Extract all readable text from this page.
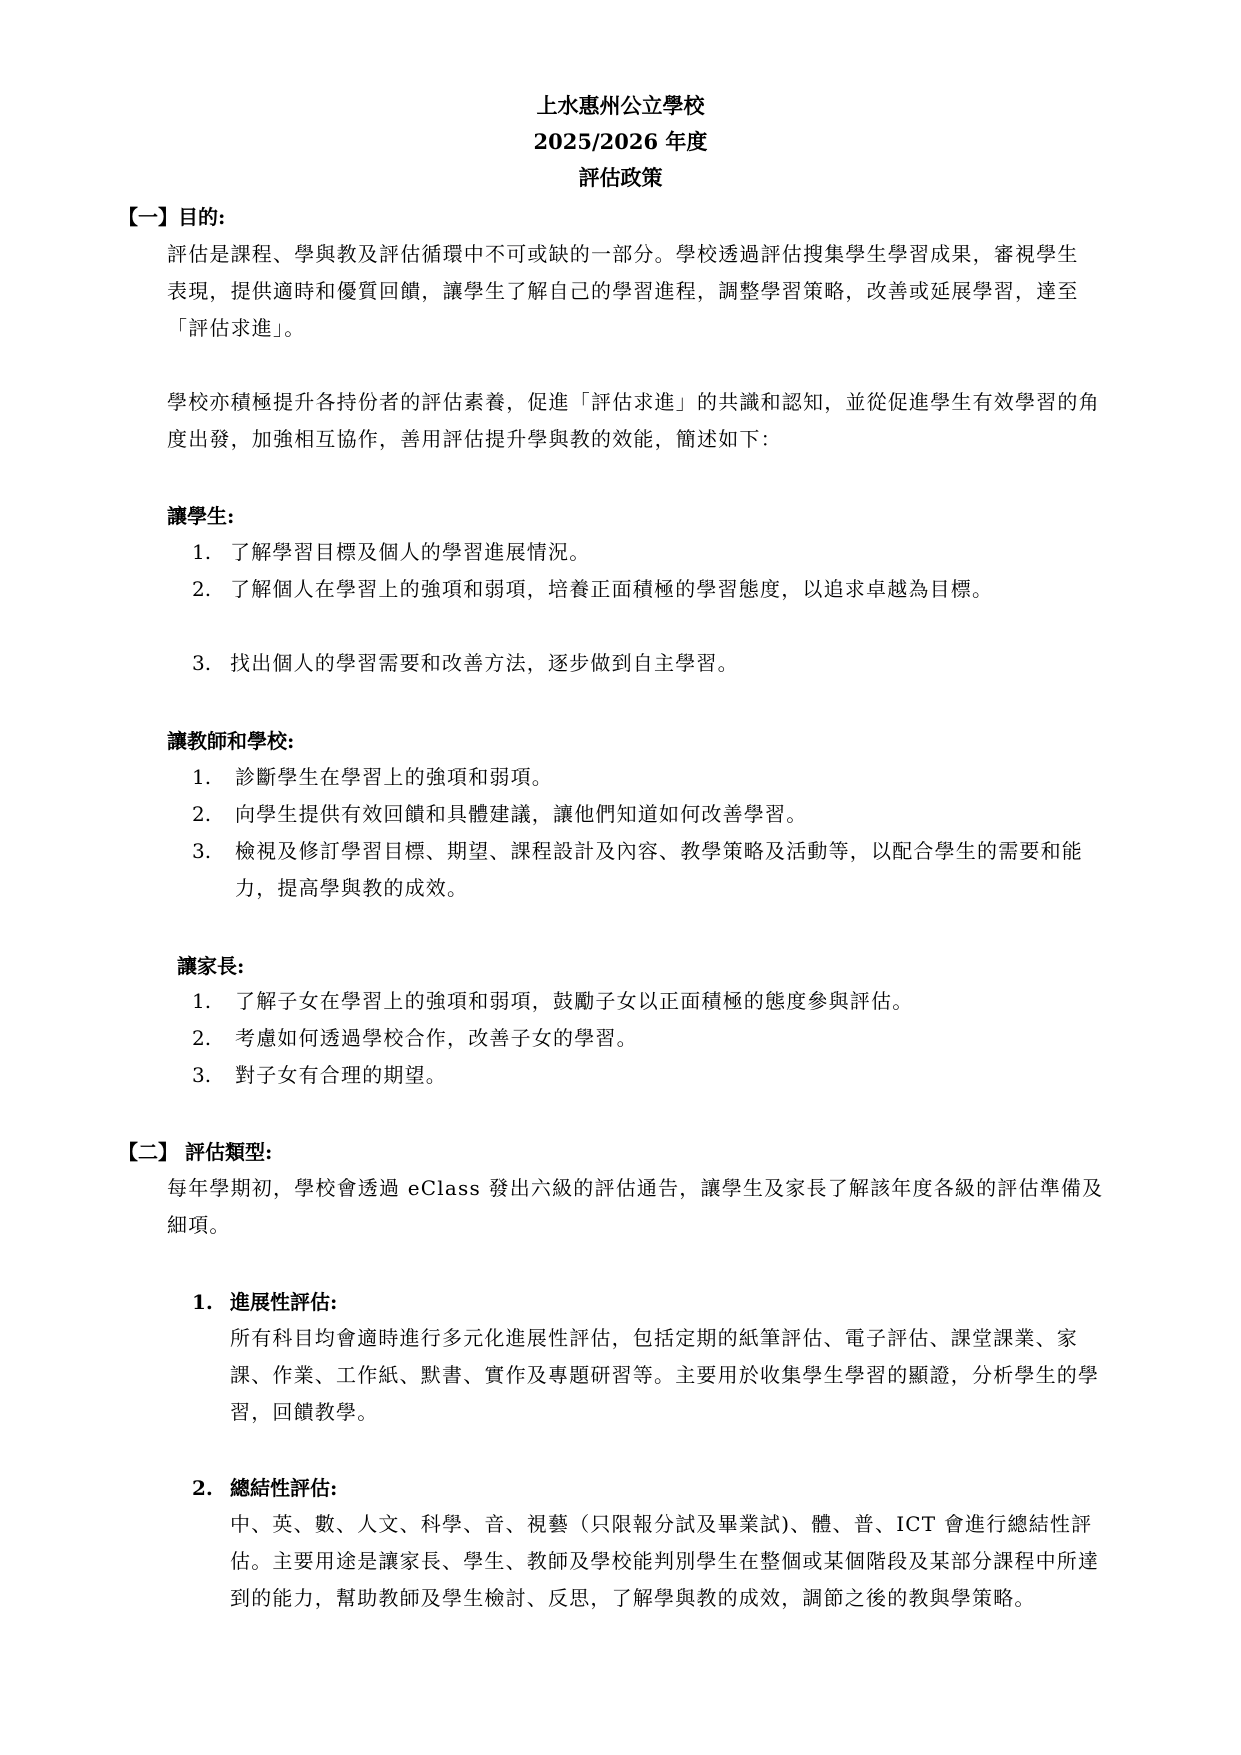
上水惠州公立學校
2025/2026 年度
評估政策
【一】目的:
評估是課程、學與教及評估循環中不可或缺的一部分。學校透過評估搜集學生學習成果，審視學生表現，提供適時和優質回饋，讓學生了解自己的學習進程，調整學習策略，改善或延展學習，達至「評估求進」。
學校亦積極提升各持份者的評估素養，促進「評估求進」的共識和認知，並從促進學生有效學習的角度出發，加強相互協作，善用評估提升學與教的效能，簡述如下：
讓學生:
1. 了解學習目標及個人的學習進展情況。
2. 了解個人在學習上的強項和弱項，培養正面積極的學習態度，以追求卓越為目標。
3. 找出個人的學習需要和改善方法，逐步做到自主學習。
讓教師和學校:
1. 診斷學生在學習上的強項和弱項。
2. 向學生提供有效回饋和具體建議，讓他們知道如何改善學習。
3. 檢視及修訂學習目標、期望、課程設計及內容、教學策略及活動等，以配合學生的需要和能力，提高學與教的成效。
讓家長:
1. 了解子女在學習上的強項和弱項，鼓勵子女以正面積極的態度參與評估。
2. 考慮如何透過學校合作，改善子女的學習。
3. 對子女有合理的期望。
【二】 評估類型:
每年學期初，學校會透過 eClass 發出六級的評估通告，讓學生及家長了解該年度各級的評估準備及細項。
1. 進展性評估:
所有科目均會適時進行多元化進展性評估，包括定期的紙筆評估、電子評估、課堂課業、家課、作業、工作紙、默書、實作及專題研習等。主要用於收集學生學習的顯證，分析學生的學習，回饋教學。
2. 總結性評估:
中、英、數、人文、科學、音、視藝（只限報分試及畢業試)、體、普、ICT 會進行總結性評估。主要用途是讓家長、學生、教師及學校能判別學生在整個或某個階段及某部分課程中所達到的能力，幫助教師及學生檢討、反思，了解學與教的成效，調節之後的教與學策略。
